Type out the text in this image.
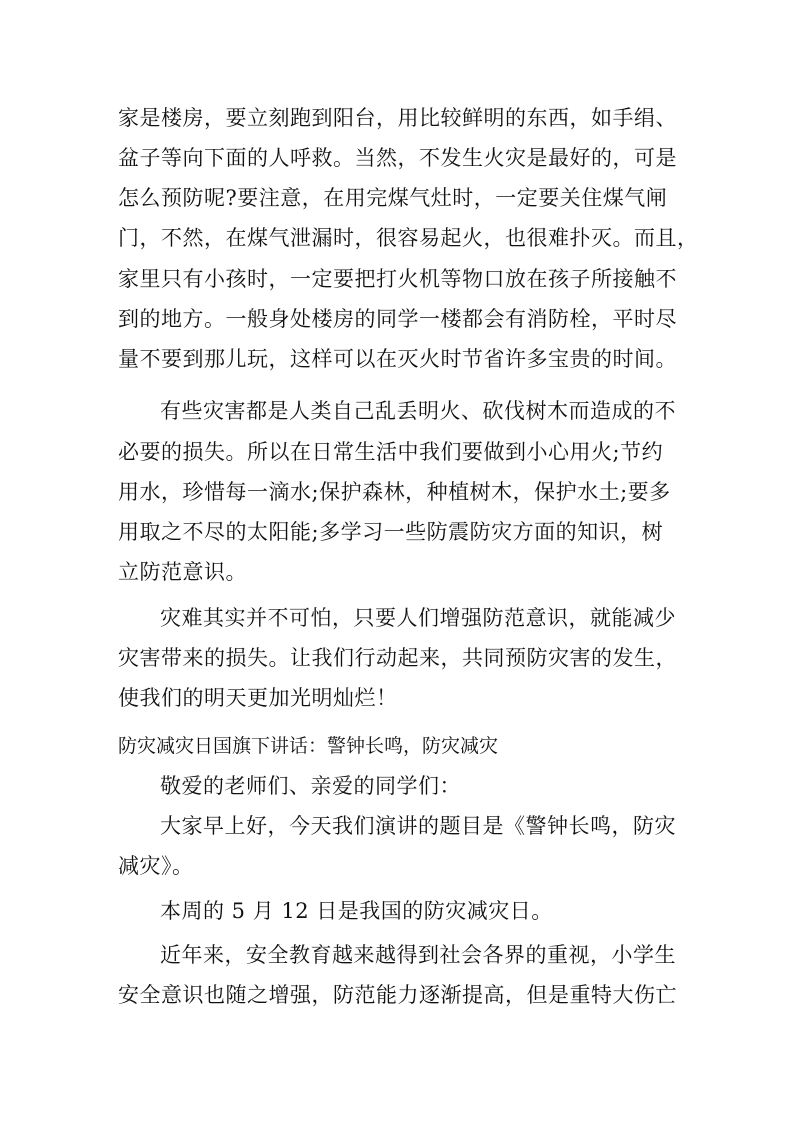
家是楼房，要立刻跑到阳台，用比较鲜明的东西，如手绢、
盆子等向下面的人呼救。当然，不发生火灾是最好的，可是
怎么预防呢?要注意，在用完煤气灶时，一定要关住煤气闸
门，不然，在煤气泄漏时，很容易起火，也很难扑灭。而且，
家里只有小孩时，一定要把打火机等物口放在孩子所接触不
到的地方。一般身处楼房的同学一楼都会有消防栓，平时尽
量不要到那儿玩，这样可以在灭火时节省许多宝贵的时间。
有些灾害都是人类自己乱丢明火、砍伐树木而造成的不
必要的损失。所以在日常生活中我们要做到小心用火;节约
用水，珍惜每一滴水;保护森林，种植树木，保护水土;要多
用取之不尽的太阳能;多学习一些防震防灾方面的知识，树
立防范意识。
灾难其实并不可怕，只要人们增强防范意识，就能减少
灾害带来的损失。让我们行动起来，共同预防灾害的发生，
使我们的明天更加光明灿烂！
防灾减灾日国旗下讲话：警钟长鸣，防灾减灾
敬爱的老师们、亲爱的同学们：
大家早上好，今天我们演讲的题目是《警钟长鸣，防灾
减灾》。
本周的 5 月 12 日是我国的防灾减灾日。
近年来，安全教育越来越得到社会各界的重视，小学生
安全意识也随之增强，防范能力逐渐提高，但是重特大伤亡
